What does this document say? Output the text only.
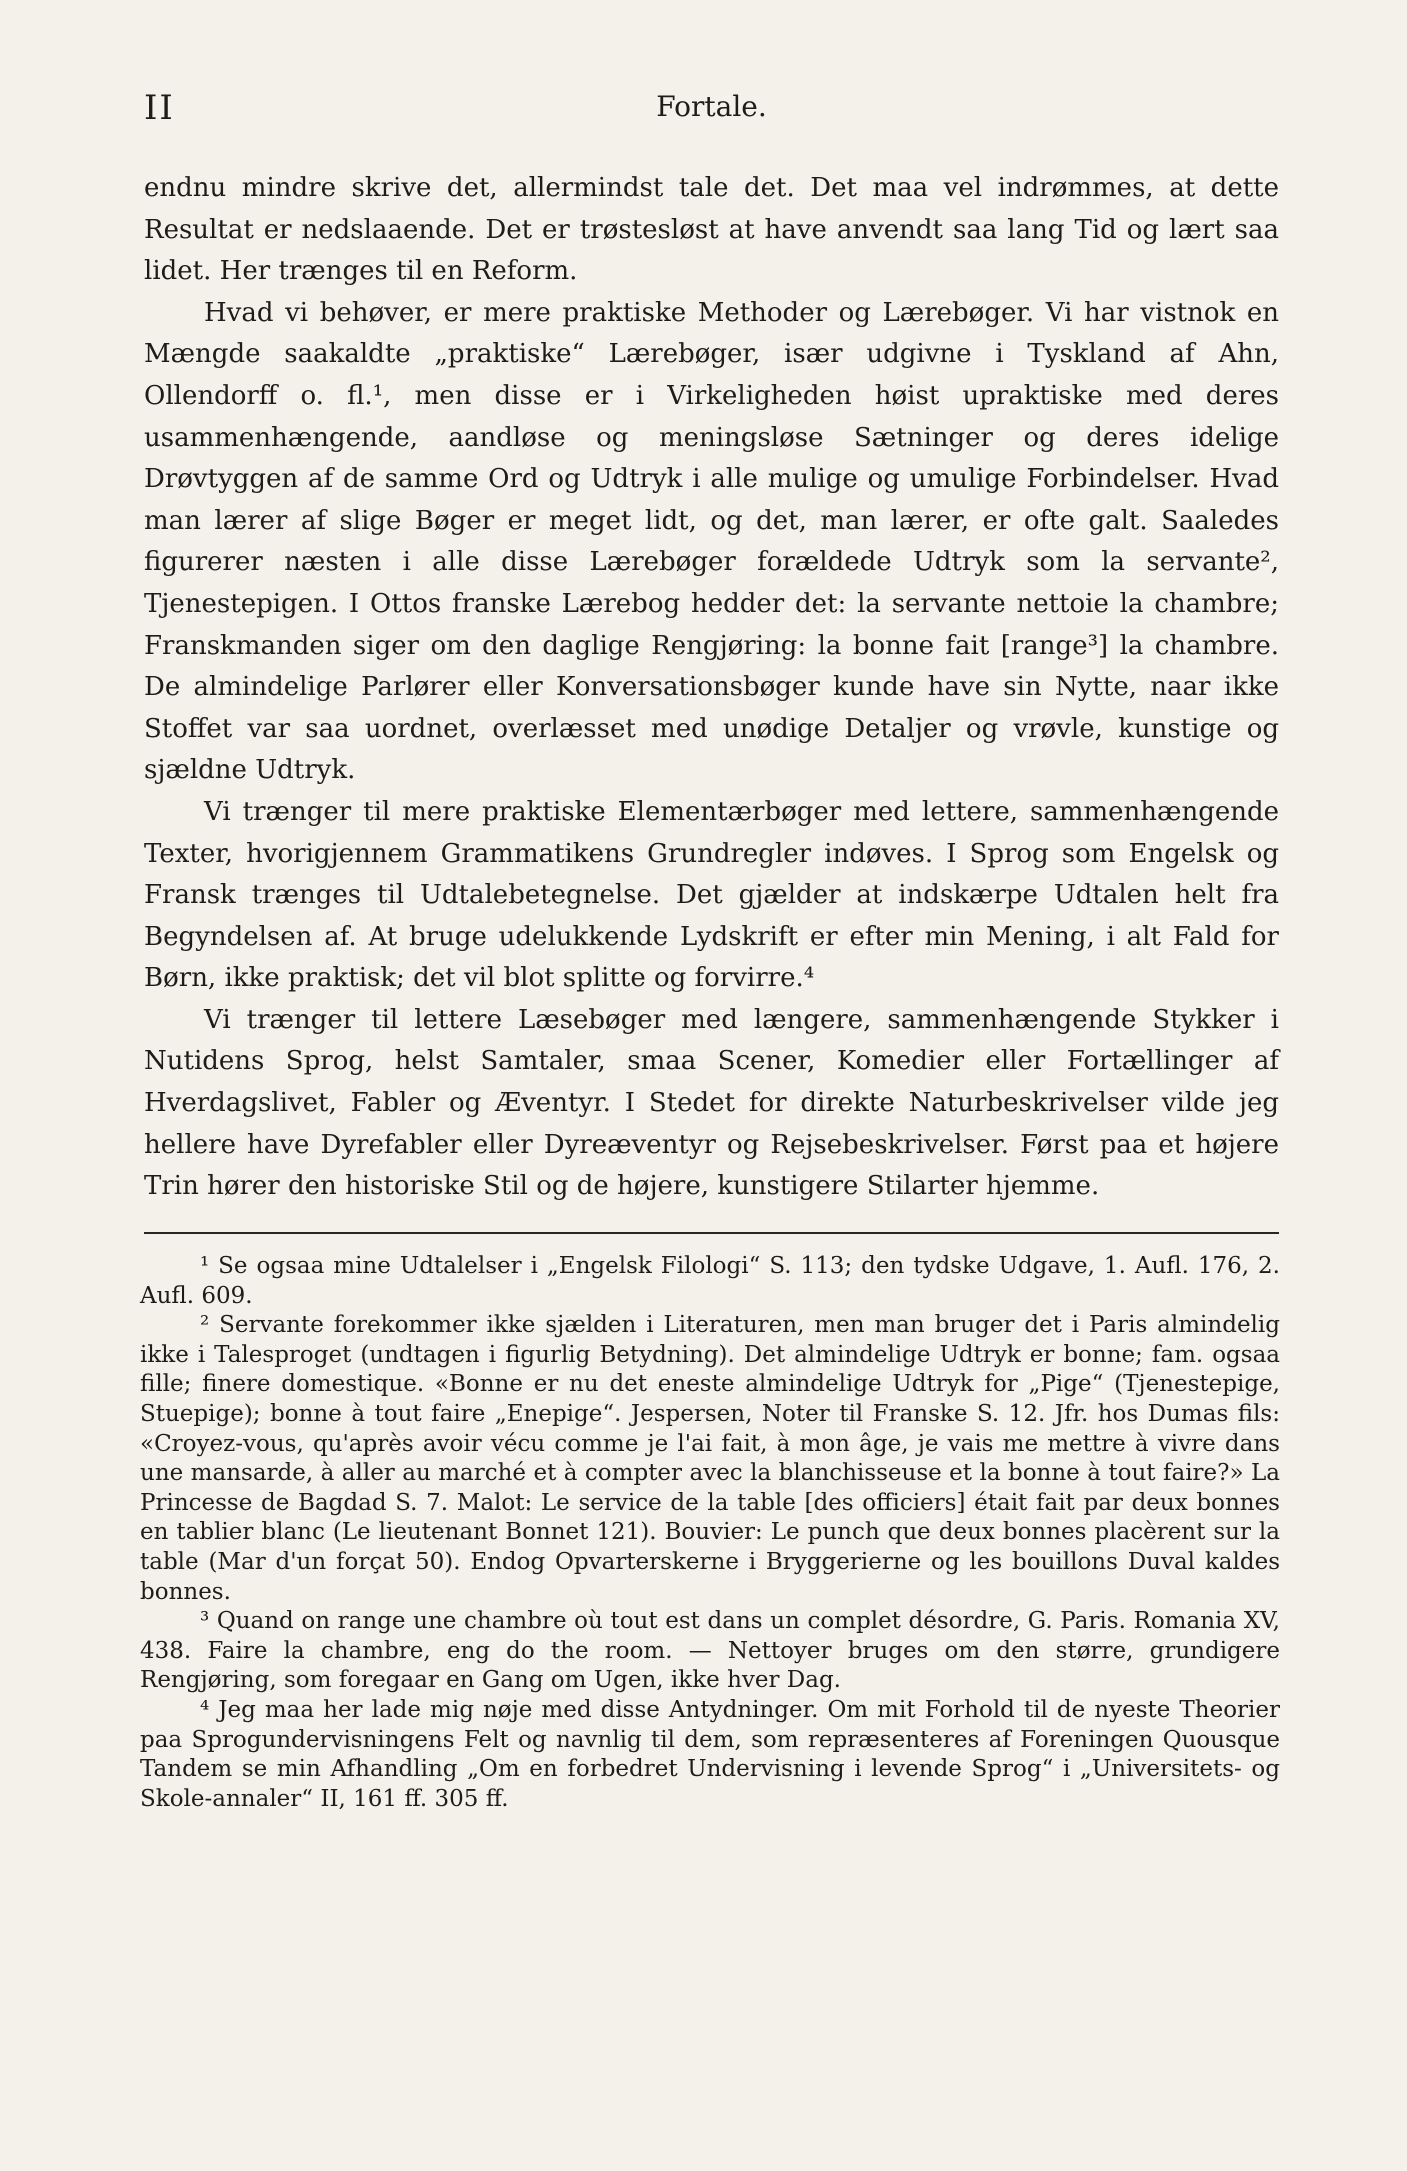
II	Fortale.

endnu mindre skrive det, allermindst tale det. Det maa vel indrømmes, at dette Resultat er nedslaaende. Det er trøstesløst at have anvendt saa lang Tid og lært saa lidet. Her trænges til en Reform.

Hvad vi behøver, er mere praktiske Methoder og Lærebøger. Vi har vistnok en Mængde saakaldte „praktiske“ Lærebøger, især udgivne i Tyskland af Ahn, Ollendorff o. fl.¹, men disse er i Virkeligheden høist upraktiske med deres usammenhængende, aandløse og meningsløse Sætninger og deres idelige Drøvtyggen af de samme Ord og Udtryk i alle mulige og umulige Forbindelser. Hvad man lærer af slige Bøger er meget lidt, og det, man lærer, er ofte galt. Saaledes figurerer næsten i alle disse Lærebøger forældede Udtryk som la servante², Tjenestepigen. I Ottos franske Lærebog hedder det: la servante nettoie la chambre; Franskmanden siger om den daglige Rengjøring: la bonne fait [range³] la chambre. De almindelige Parlører eller Konversationsbøger kunde have sin Nytte, naar ikke Stoffet var saa uordnet, overlæsset med unødige Detaljer og vrøvle, kunstige og sjældne Udtryk.

Vi trænger til mere praktiske Elementærbøger med lettere, sammenhængende Texter, hvorigjennem Grammatikens Grundregler indøves. I Sprog som Engelsk og Fransk trænges til Udtalebetegnelse. Det gjælder at indskærpe Udtalen helt fra Begyndelsen af. At bruge udelukkende Lydskrift er efter min Mening, i alt Fald for Børn, ikke praktisk; det vil blot splitte og forvirre.⁴

Vi trænger til lettere Læsebøger med længere, sammenhængende Stykker i Nutidens Sprog, helst Samtaler, smaa Scener, Komedier eller Fortællinger af Hverdagslivet, Fabler og Æventyr. I Stedet for direkte Naturbeskrivelser vilde jeg hellere have Dyrefabler eller Dyreæventyr og Rejsebeskrivelser. Først paa et højere Trin hører den historiske Stil og de højere, kunstigere Stilarter hjemme.

¹ Se ogsaa mine Udtalelser i „Engelsk Filologi“ S. 113; den tydske Udgave, 1. Aufl. 176, 2. Aufl. 609.

² Servante forekommer ikke sjælden i Literaturen, men man bruger det i Paris almindelig ikke i Talesproget (undtagen i figurlig Betydning). Det almindelige Udtryk er bonne; fam. ogsaa fille; finere domestique. «Bonne er nu det eneste almindelige Udtryk for „Pige“ (Tjenestepige, Stuepige); bonne à tout faire „Enepige“. Jespersen, Noter til Franske S. 12. Jfr. hos Dumas fils: «Croyez-vous, qu'après avoir vécu comme je l'ai fait, à mon âge, je vais me mettre à vivre dans une mansarde, à aller au marché et à compter avec la blanchisseuse et la bonne à tout faire?» La Princesse de Bagdad S. 7. Malot: Le service de la table [des officiers] était fait par deux bonnes en tablier blanc (Le lieutenant Bonnet 121). Bouvier: Le punch que deux bonnes placèrent sur la table (Mar d'un forçat 50). Endog Opvarterskerne i Bryggerierne og les bouillons Duval kaldes bonnes.

³ Quand on range une chambre où tout est dans un complet désordre, G. Paris. Romania XV, 438. Faire la chambre, eng do the room. — Nettoyer bruges om den større, grundigere Rengjøring, som foregaar en Gang om Ugen, ikke hver Dag.

⁴ Jeg maa her lade mig nøje med disse Antydninger. Om mit Forhold til de nyeste Theorier paa Sprogundervisningens Felt og navnlig til dem, som repræsenteres af Foreningen Quousque Tandem se min Afhandling „Om en forbedret Undervisning i levende Sprog“ i „Universitets- og Skole-annaler“ II, 161 ff. 305 ff.
